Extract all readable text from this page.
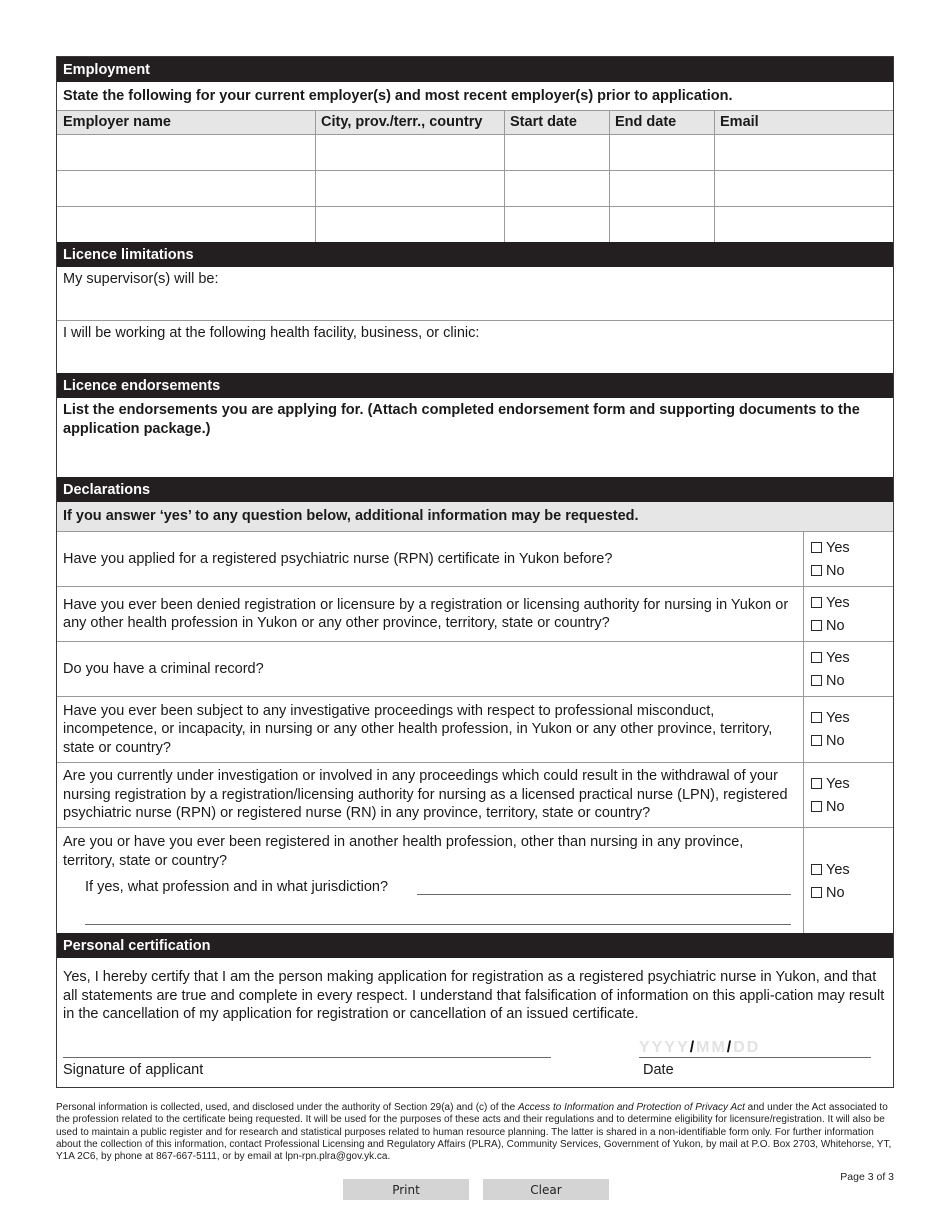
Employment
State the following for your current employer(s) and most recent employer(s) prior to application.
Employer name	City, prov./terr., country	Start date	End date	Email
Licence limitations
My supervisor(s) will be:
I will be working at the following health facility, business, or clinic:
Licence endorsements
List the endorsements you are applying for. (Attach completed endorsement form and supporting documents to the application package.)
Declarations
If you answer ‘yes’ to any question below, additional information may be requested.
Have you applied for a registered psychiatric nurse (RPN) certificate in Yukon before?
Yes
No
Have you ever been denied registration or licensure by a registration or licensing authority for nursing in Yukon or any other health profession in Yukon or any other province, territory, state or country?
Yes
No
Do you have a criminal record?
Yes
No
Have you ever been subject to any investigative proceedings with respect to professional misconduct, incompetence, or incapacity, in nursing or any other health profession, in Yukon or any other province, territory, state or country?
Yes
No
Are you currently under investigation or involved in any proceedings which could result in the withdrawal of your nursing registration by a registration/licensing authority for nursing as a licensed practical nurse (LPN), registered psychiatric nurse (RPN) or registered nurse (RN) in any province, territory, state or country?
Yes
No
Are you or have you ever been registered in another health profession, other than nursing in any province, territory, state or country?
If yes, what profession and in what jurisdiction?
Yes
No
Personal certification
Yes, I hereby certify that I am the person making application for registration as a registered psychiatric nurse in Yukon, and that all statements are true and complete in every respect. I understand that falsification of information on this appli-cation may result in the cancellation of my application for registration or cancellation of an issued certificate.
Signature of applicant
YYYY/MM/DD
Date
Personal information is collected, used, and disclosed under the authority of Section 29(a) and (c) of the Access to Information and Protection of Privacy Act and under the Act associated to the profession related to the certificate being requested. It will be used for the purposes of these acts and their regulations and to determine eligibility for licensure/registration. It will also be used to maintain a public register and for research and statistical purposes related to human resource planning. The latter is shared in a non-identifiable form only. For further information about the collection of this information, contact Professional Licensing and Regulatory Affairs (PLRA), Community Services, Government of Yukon, by mail at P.O. Box 2703, Whitehorse, YT, Y1A 2C6, by phone at 867-667-5111, or by email at lpn-rpn.plra@gov.yk.ca.
Page 3 of 3
Print	Clear
